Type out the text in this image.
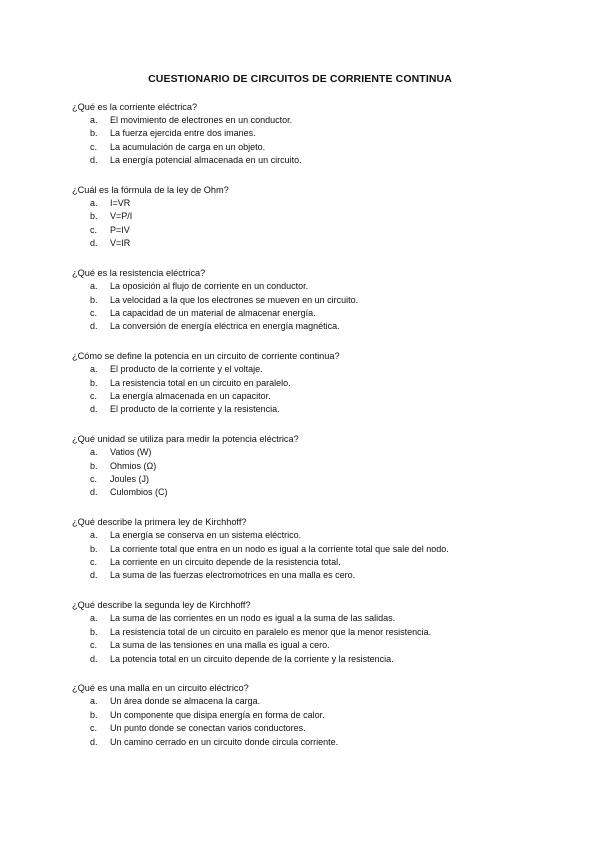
CUESTIONARIO DE CIRCUITOS DE CORRIENTE CONTINUA
¿Qué es la corriente eléctrica?
a.	El movimiento de electrones en un conductor.
b.	La fuerza ejercida entre dos imanes.
c.	La acumulación de carga en un objeto.
d.	La energía potencial almacenada en un circuito.
¿Cuál es la fórmula de la ley de Ohm?
a.	I=VR
b.	V=P/I
c.	P=IV
d.	V=IR
¿Qué es la resistencia eléctrica?
a.	La oposición al flujo de corriente en un conductor.
b.	La velocidad a la que los electrones se mueven en un circuito.
c.	La capacidad de un material de almacenar energía.
d.	La conversión de energía eléctrica en energía magnética.
¿Cómo se define la potencia en un circuito de corriente continua?
a.	El producto de la corriente y el voltaje.
b.	La resistencia total en un circuito en paralelo.
c.	La energía almacenada en un capacitor.
d.	El producto de la corriente y la resistencia.
¿Qué unidad se utiliza para medir la potencia eléctrica?
a.	Vatios (W)
b.	Ohmios (Ω)
c.	Joules (J)
d.	Culombios (C)
¿Qué describe la primera ley de Kirchhoff?
a.	La energía se conserva en un sistema eléctrico.
b.	La corriente total que entra en un nodo es igual a la corriente total que sale del nodo.
c.	La corriente en un circuito depende de la resistencia total.
d.	La suma de las fuerzas electromotrices en una malla es cero.
¿Qué describe la segunda ley de Kirchhoff?
a.	La suma de las corrientes en un nodo es igual a la suma de las salidas.
b.	La resistencia total de un circuito en paralelo es menor que la menor resistencia.
c.	La suma de las tensiones en una malla es igual a cero.
d.	La potencia total en un circuito depende de la corriente y la resistencia.
¿Qué es una malla en un circuito eléctrico?
a.	Un área donde se almacena la carga.
b.	Un componente que disipa energía en forma de calor.
c.	Un punto donde se conectan varios conductores.
d.	Un camino cerrado en un circuito donde circula corriente.
